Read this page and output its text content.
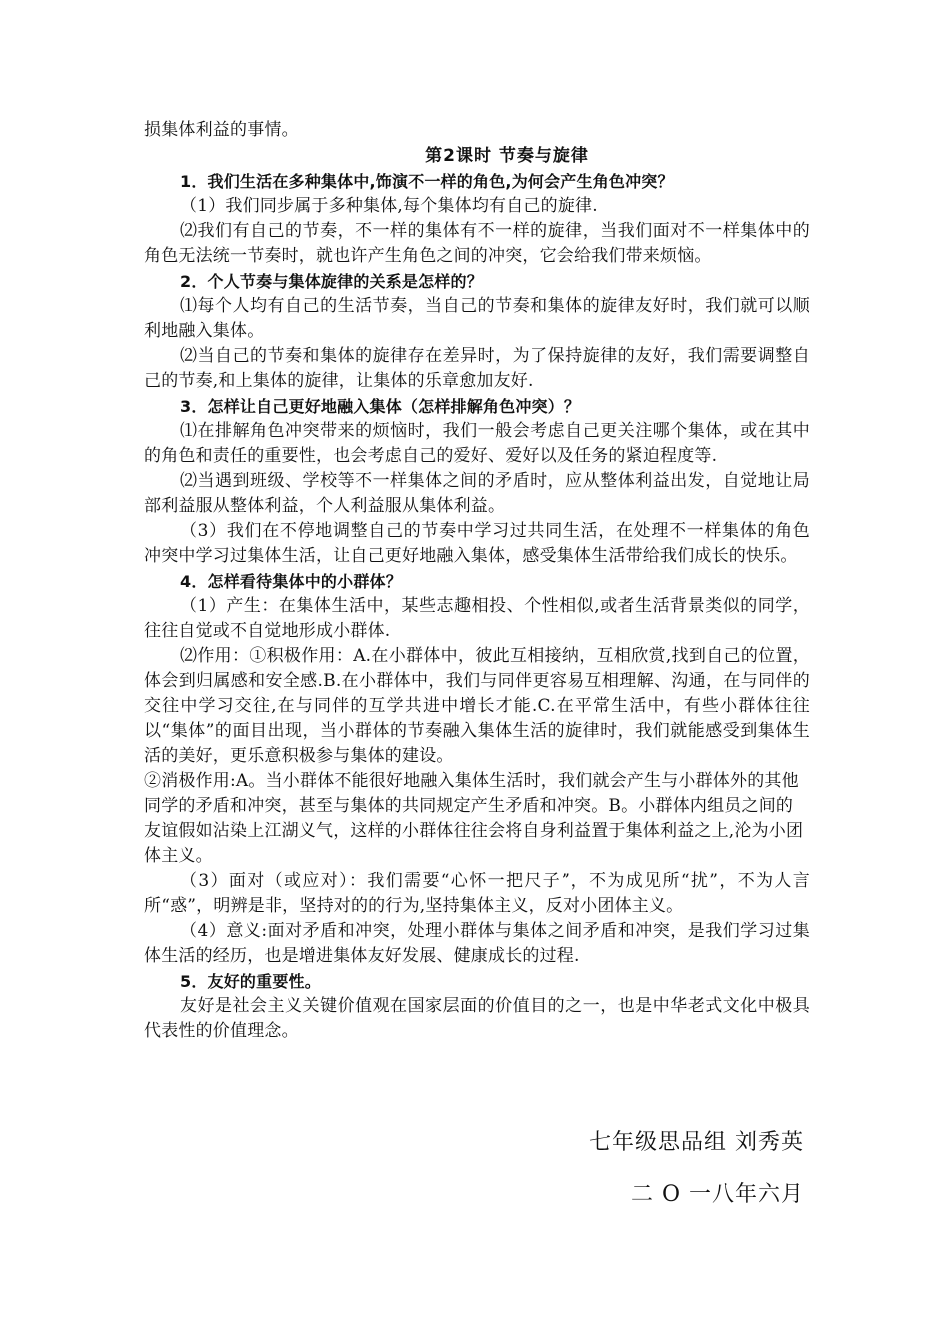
损集体利益的事情。

第2课时 节奏与旋律

1．我们生活在多种集体中,饰演不一样的角色,为何会产生角色冲突？

（1）我们同步属于多种集体,每个集体均有自己的旋律.

⑵我们有自己的节奏，不一样的集体有不一样的旋律，当我们面对不一样集体中的角色无法统一节奏时，就也许产生角色之间的冲突，它会给我们带来烦恼。

2．个人节奏与集体旋律的关系是怎样的？

⑴每个人均有自己的生活节奏，当自己的节奏和集体的旋律友好时，我们就可以顺利地融入集体。

⑵当自己的节奏和集体的旋律存在差异时，为了保持旋律的友好，我们需要调整自己的节奏,和上集体的旋律，让集体的乐章愈加友好.

3．怎样让自己更好地融入集体（怎样排解角色冲突）？

⑴在排解角色冲突带来的烦恼时，我们一般会考虑自己更关注哪个集体，或在其中的角色和责任的重要性，也会考虑自己的爱好、爱好以及任务的紧迫程度等.

⑵当遇到班级、学校等不一样集体之间的矛盾时，应从整体利益出发，自觉地让局部利益服从整体利益，个人利益服从集体利益。

（3）我们在不停地调整自己的节奏中学习过共同生活，在处理不一样集体的角色冲突中学习过集体生活，让自己更好地融入集体，感受集体生活带给我们成长的快乐。

4．怎样看待集体中的小群体？

（1）产生：在集体生活中，某些志趣相投、个性相似,或者生活背景类似的同学，往往自觉或不自觉地形成小群体.

⑵作用：①积极作用：A.在小群体中，彼此互相接纳，互相欣赏,找到自己的位置，体会到归属感和安全感.B.在小群体中，我们与同伴更容易互相理解、沟通，在与同伴的交往中学习交往,在与同伴的互学共进中增长才能.C.在平常生活中，有些小群体往往以“集体”的面目出现，当小群体的节奏融入集体生活的旋律时，我们就能感受到集体生活的美好，更乐意积极参与集体的建设。

②消极作用:A。当小群体不能很好地融入集体生活时，我们就会产生与小群体外的其他同学的矛盾和冲突，甚至与集体的共同规定产生矛盾和冲突。B。小群体内组员之间的友谊假如沾染上江湖义气，这样的小群体往往会将自身利益置于集体利益之上,沦为小团体主义。

（3）面对（或应对）：我们需要“心怀一把尺子ˮ，不为成见所“扰”，不为人言所“惑”，明辨是非，坚持对的的行为,坚持集体主义，反对小团体主义。

（4）意义:面对矛盾和冲突，处理小群体与集体之间矛盾和冲突，是我们学习过集体生活的经历，也是增进集体友好发展、健康成长的过程.

5．友好的重要性。

友好是社会主义关键价值观在国家层面的价值目的之一，也是中华老式文化中极具代表性的价值理念。

七年级思品组 刘秀英
二 O 一八年六月
